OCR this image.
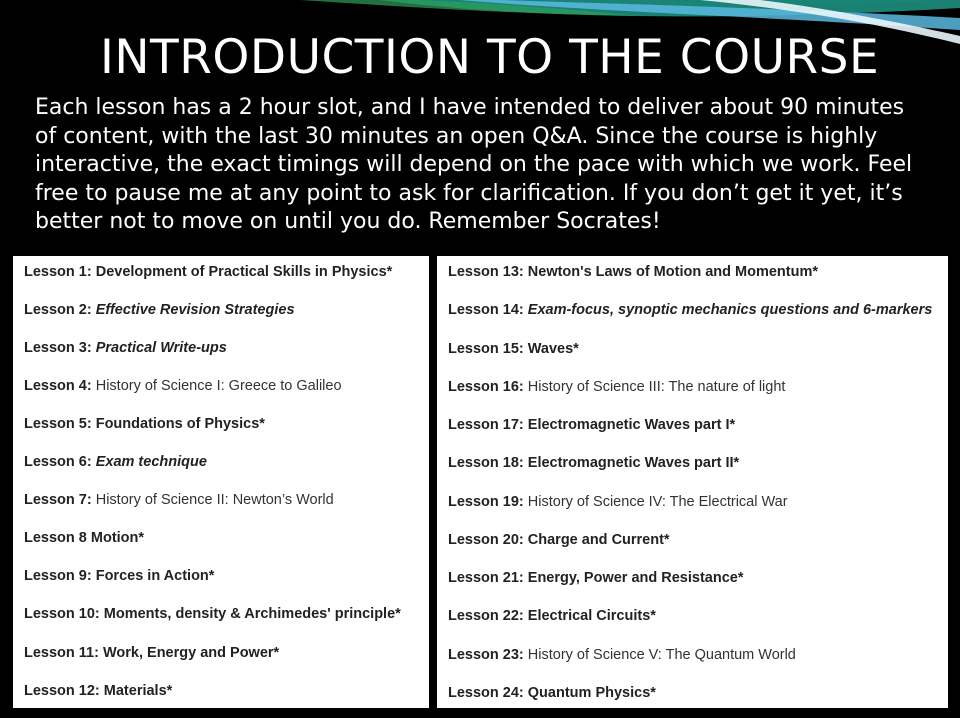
INTRODUCTION TO THE COURSE
Each lesson has a 2 hour slot, and I have intended to deliver about 90 minutes of content, with the last 30 minutes an open Q&A. Since the course is highly interactive, the exact timings will depend on the pace with which we work. Feel free to pause me at any point to ask for clarification. If you don’t get it yet, it’s better not to move on until you do. Remember Socrates!
Lesson 1: Development of Practical Skills in Physics*
Lesson 2: Effective Revision Strategies
Lesson 3: Practical Write-ups
Lesson 4: History of Science I: Greece to Galileo
Lesson 5: Foundations of Physics*
Lesson 6: Exam technique
Lesson 7: History of Science II: Newton’s World
Lesson 8 Motion*
Lesson 9: Forces in Action*
Lesson 10: Moments, density & Archimedes' principle*
Lesson 11: Work, Energy and Power*
Lesson 12: Materials*
Lesson 13: Newton's Laws of Motion and Momentum*
Lesson 14: Exam-focus, synoptic mechanics questions and 6-markers
Lesson 15: Waves*
Lesson 16: History of Science III: The nature of light
Lesson 17: Electromagnetic Waves part I*
Lesson 18: Electromagnetic Waves part II*
Lesson 19: History of Science IV: The Electrical War
Lesson 20: Charge and Current*
Lesson 21: Energy, Power and Resistance*
Lesson 22: Electrical Circuits*
Lesson 23: History of Science V: The Quantum World
Lesson 24: Quantum Physics*
